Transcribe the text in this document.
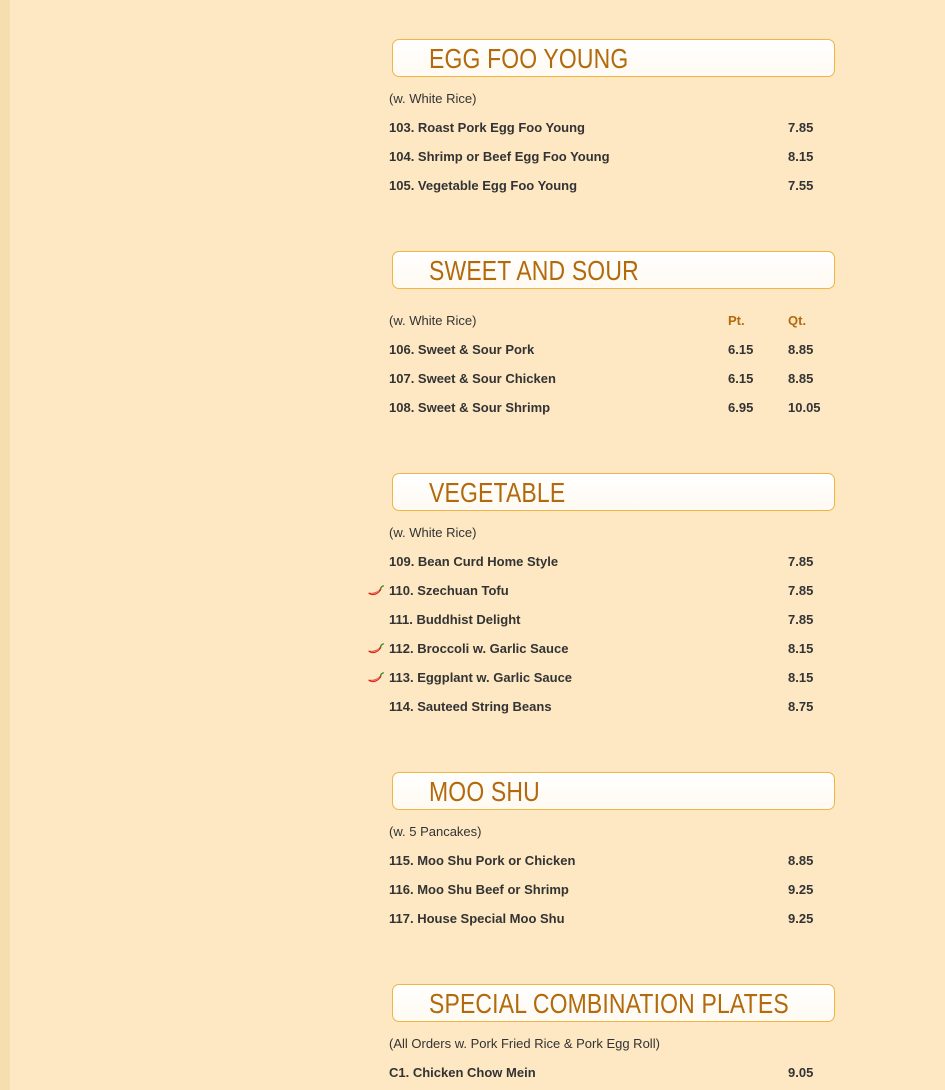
EGG FOO YOUNG
(w. White Rice)
103. Roast Pork Egg Foo Young	7.85
104. Shrimp or Beef Egg Foo Young	8.15
105. Vegetable Egg Foo Young	7.55
SWEET AND SOUR
(w. White Rice)	Pt.	Qt.
106. Sweet & Sour Pork	6.15	8.85
107. Sweet & Sour Chicken	6.15	8.85
108. Sweet & Sour Shrimp	6.95	10.05
VEGETABLE
(w. White Rice)
109. Bean Curd Home Style	7.85
110. Szechuan Tofu	7.85
111. Buddhist Delight	7.85
112. Broccoli w. Garlic Sauce	8.15
113. Eggplant w. Garlic Sauce	8.15
114. Sauteed String Beans	8.75
MOO SHU
(w. 5 Pancakes)
115. Moo Shu Pork or Chicken	8.85
116. Moo Shu Beef or Shrimp	9.25
117. House Special Moo Shu	9.25
SPECIAL COMBINATION PLATES
(All Orders w. Pork Fried Rice & Pork Egg Roll)
C1. Chicken Chow Mein	9.05
